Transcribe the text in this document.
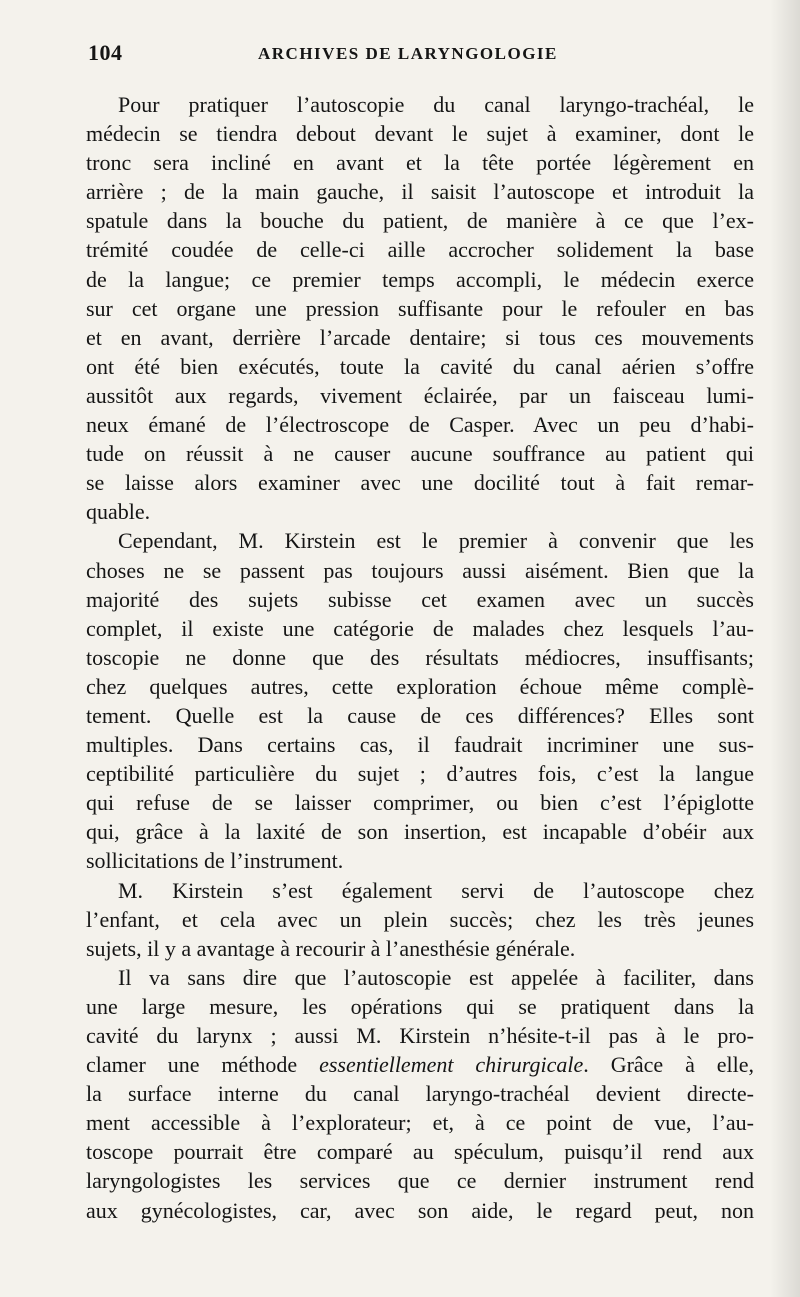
104	ARCHIVES DE LARYNGOLOGIE

Pour pratiquer l’autoscopie du canal laryngo-trachéal, le
médecin se tiendra debout devant le sujet à examiner, dont le
tronc sera incliné en avant et la tête portée légèrement en
arrière ; de la main gauche, il saisit l’autoscope et introduit la
spatule dans la bouche du patient, de manière à ce que l’ex-
trémité coudée de celle-ci aille accrocher solidement la base
de la langue; ce premier temps accompli, le médecin exerce
sur cet organe une pression suffisante pour le refouler en bas
et en avant, derrière l’arcade dentaire; si tous ces mouvements
ont été bien exécutés, toute la cavité du canal aérien s’offre
aussitôt aux regards, vivement éclairée, par un faisceau lumi-
neux émané de l’électroscope de Casper. Avec un peu d’habi-
tude on réussit à ne causer aucune souffrance au patient qui
se laisse alors examiner avec une docilité tout à fait remar-
quable.

Cependant, M. Kirstein est le premier à convenir que les
choses ne se passent pas toujours aussi aisément. Bien que la
majorité des sujets subisse cet examen avec un succès
complet, il existe une catégorie de malades chez lesquels l’au-
toscopie ne donne que des résultats médiocres, insuffisants;
chez quelques autres, cette exploration échoue même complè-
tement. Quelle est la cause de ces différences? Elles sont
multiples. Dans certains cas, il faudrait incriminer une sus-
ceptibilité particulière du sujet ; d’autres fois, c’est la langue
qui refuse de se laisser comprimer, ou bien c’est l’épiglotte
qui, grâce à la laxité de son insertion, est incapable d’obéir aux
sollicitations de l’instrument.

M. Kirstein s’est également servi de l’autoscope chez
l’enfant, et cela avec un plein succès; chez les très jeunes
sujets, il y a avantage à recourir à l’anesthésie générale.

Il va sans dire que l’autoscopie est appelée à faciliter, dans
une large mesure, les opérations qui se pratiquent dans la
cavité du larynx ; aussi M. Kirstein n’hésite-t-il pas à le pro-
clamer une méthode essentiellement chirurgicale. Grâce à elle,
la surface interne du canal laryngo-trachéal devient directe-
ment accessible à l’explorateur; et, à ce point de vue, l’au-
toscope pourrait être comparé au spéculum, puisqu’il rend aux
laryngologistes les services que ce dernier instrument rend
aux gynécologistes, car, avec son aide, le regard peut, non
